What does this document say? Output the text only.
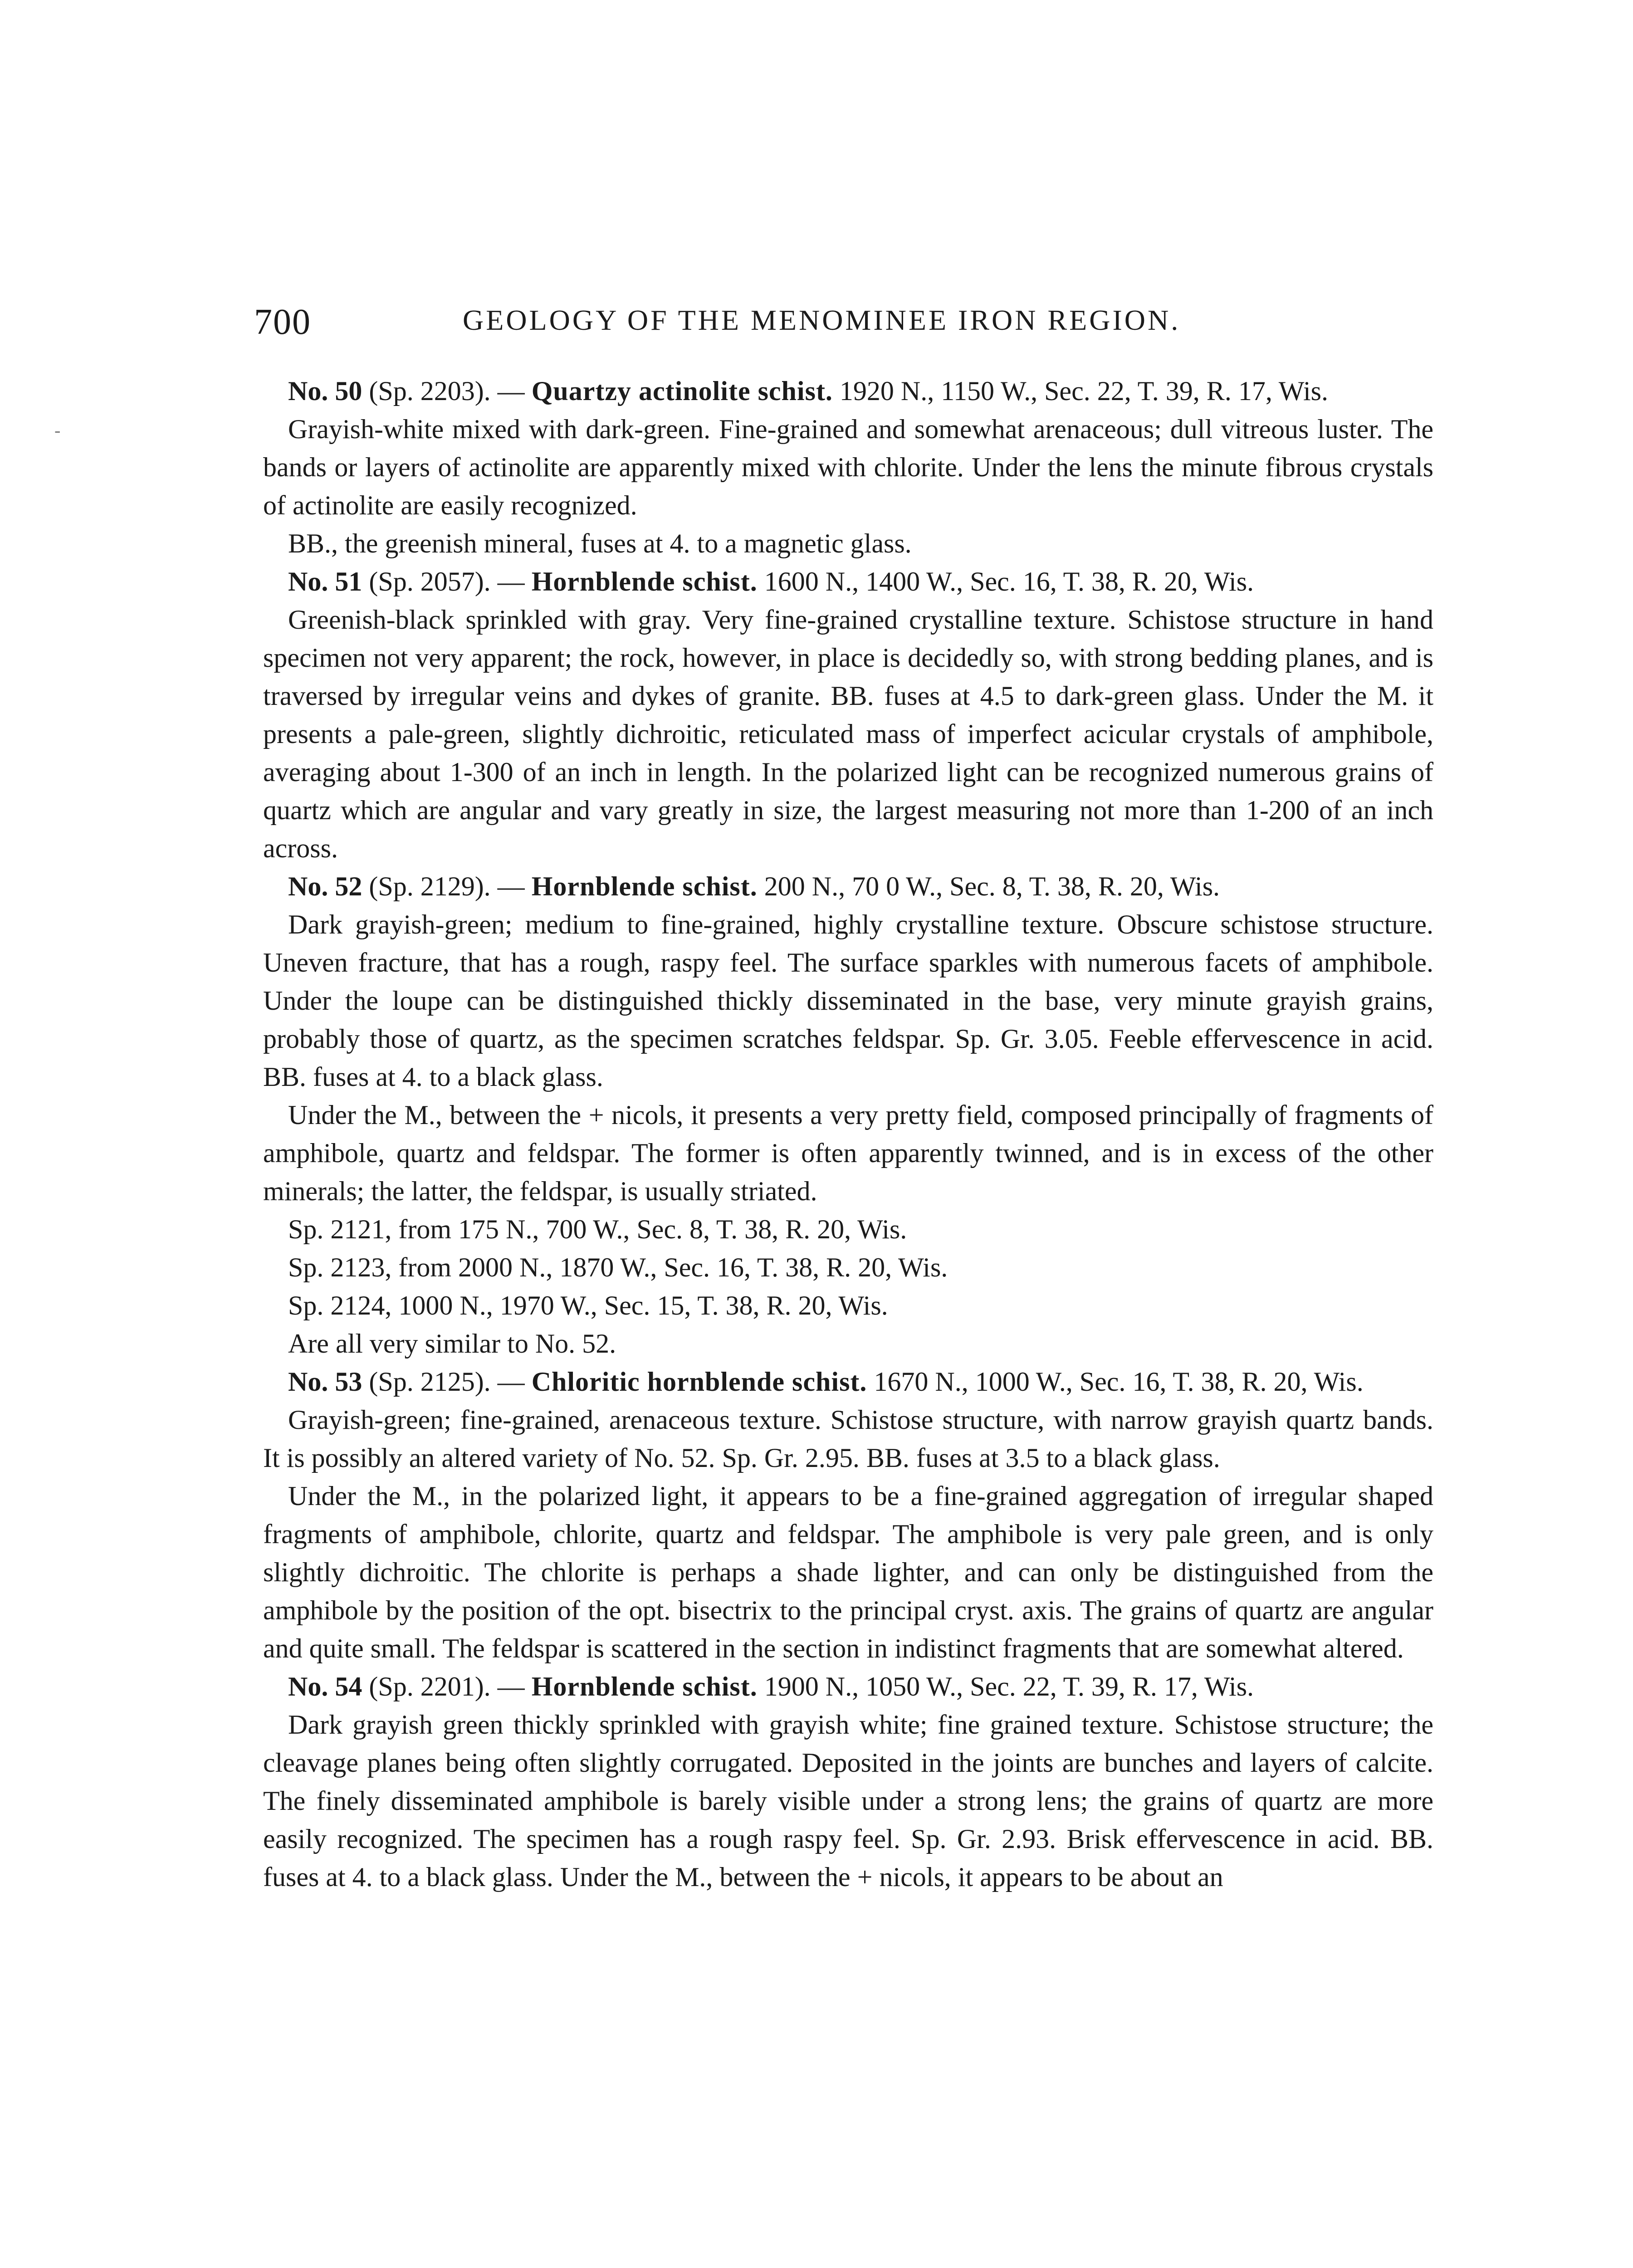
-
700	GEOLOGY OF THE MENOMINEE IRON REGION.

No. 50 (Sp. 2203). — Quartzy actinolite schist. 1920 N., 1150 W., Sec. 22, T. 39, R. 17, Wis.

Grayish-white mixed with dark-green. Fine-grained and somewhat arenaceous; dull vitreous luster. The bands or layers of actinolite are apparently mixed with chlorite. Under the lens the minute fibrous crystals of actinolite are easily recognized.

BB., the greenish mineral, fuses at 4. to a magnetic glass.

No. 51 (Sp. 2057). — Hornblende schist. 1600 N., 1400 W., Sec. 16, T. 38, R. 20, Wis.

Greenish-black sprinkled with gray. Very fine-grained crystalline texture. Schistose structure in hand specimen not very apparent; the rock, however, in place is decidedly so, with strong bedding planes, and is traversed by irregular veins and dykes of granite. BB. fuses at 4.5 to dark-green glass. Under the M. it presents a pale-green, slightly dichroitic, reticulated mass of imperfect acicular crystals of amphibole, averaging about 1-300 of an inch in length. In the polarized light can be recognized numerous grains of quartz which are angular and vary greatly in size, the largest measuring not more than 1-200 of an inch across.

No. 52 (Sp. 2129). — Hornblende schist. 200 N., 70 0 W., Sec. 8, T. 38, R. 20, Wis.

Dark grayish-green; medium to fine-grained, highly crystalline texture. Obscure schistose structure. Uneven fracture, that has a rough, raspy feel. The surface sparkles with numerous facets of amphibole. Under the loupe can be distinguished thickly disseminated in the base, very minute grayish grains, probably those of quartz, as the specimen scratches feldspar. Sp. Gr. 3.05. Feeble effervescence in acid. BB. fuses at 4. to a black glass.

Under the M., between the + nicols, it presents a very pretty field, composed principally of fragments of amphibole, quartz and feldspar. The former is often apparently twinned, and is in excess of the other minerals; the latter, the feldspar, is usually striated.

Sp. 2121, from 175 N., 700 W., Sec. 8, T. 38, R. 20, Wis.

Sp. 2123, from 2000 N., 1870 W., Sec. 16, T. 38, R. 20, Wis.

Sp. 2124, 1000 N., 1970 W., Sec. 15, T. 38, R. 20, Wis.

Are all very similar to No. 52.

No. 53 (Sp. 2125). — Chloritic hornblende schist. 1670 N., 1000 W., Sec. 16, T. 38, R. 20, Wis.

Grayish-green; fine-grained, arenaceous texture. Schistose structure, with narrow grayish quartz bands. It is possibly an altered variety of No. 52. Sp. Gr. 2.95. BB. fuses at 3.5 to a black glass.

Under the M., in the polarized light, it appears to be a fine-grained aggregation of irregular shaped fragments of amphibole, chlorite, quartz and feldspar. The amphibole is very pale green, and is only slightly dichroitic. The chlorite is perhaps a shade lighter, and can only be distinguished from the amphibole by the position of the opt. bisectrix to the principal cryst. axis. The grains of quartz are angular and quite small. The feldspar is scattered in the section in indistinct fragments that are somewhat altered.

No. 54 (Sp. 2201). — Hornblende schist. 1900 N., 1050 W., Sec. 22, T. 39, R. 17, Wis.

Dark grayish green thickly sprinkled with grayish white; fine grained texture. Schistose structure; the cleavage planes being often slightly corrugated. Deposited in the joints are bunches and layers of calcite. The finely disseminated amphibole is barely visible under a strong lens; the grains of quartz are more easily recognized. The specimen has a rough raspy feel. Sp. Gr. 2.93. Brisk effervescence in acid. BB. fuses at 4. to a black glass. Under the M., between the + nicols, it appears to be about an
